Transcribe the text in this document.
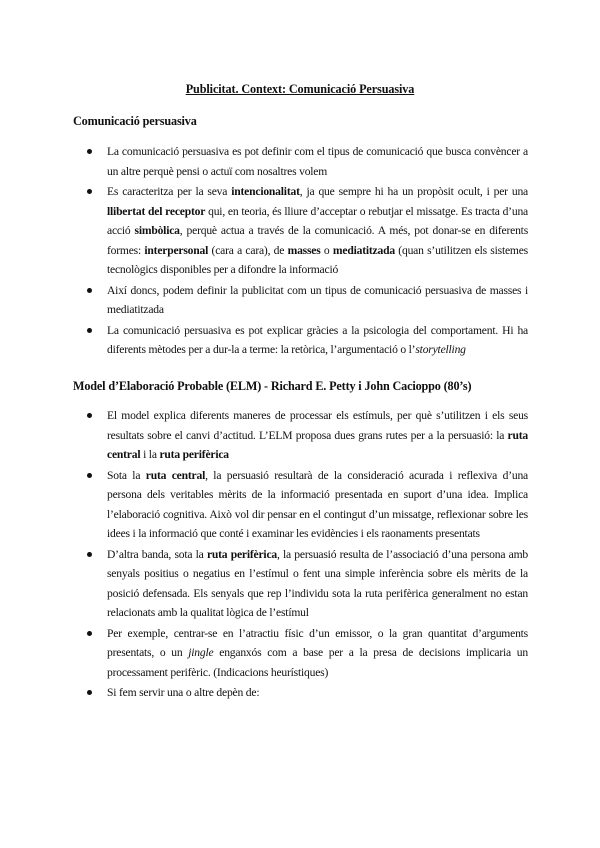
Publicitat. Context: Comunicació Persuasiva
Comunicació persuasiva
La comunicació persuasiva es pot definir com el tipus de comunicació que busca convèncer a un altre perquè pensi o actuï com nosaltres volem
Es caracteritza per la seva intencionalitat, ja que sempre hi ha un propòsit ocult, i per una llibertat del receptor qui, en teoria, és lliure d’acceptar o rebutjar el missatge. Es tracta d’una acció simbòlica, perquè actua a través de la comunicació. A més, pot donar-se en diferents formes: interpersonal (cara a cara), de masses o mediatitzada (quan s’utilitzen els sistemes tecnològics disponibles per a difondre la informació
Així doncs, podem definir la publicitat com un tipus de comunicació persuasiva de masses i mediatitzada
La comunicació persuasiva es pot explicar gràcies a la psicologia del comportament. Hi ha diferents mètodes per a dur-la a terme: la retòrica, l’argumentació o l’storytelling
Model d’Elaboració Probable (ELM) - Richard E. Petty i John Cacioppo (80’s)
El model explica diferents maneres de processar els estímuls, per què s’utilitzen i els seus resultats sobre el canvi d’actitud. L’ELM proposa dues grans rutes per a la persuasió: la ruta central i la ruta perifèrica
Sota la ruta central, la persuasió resultarà de la consideració acurada i reflexiva d’una persona dels veritables mèrits de la informació presentada en suport d’una idea. Implica l’elaboració cognitiva. Això vol dir pensar en el contingut d’un missatge, reflexionar sobre les idees i la informació que conté i examinar les evidències i els raonaments presentats
D’altra banda, sota la ruta perifèrica, la persuasió resulta de l’associació d’una persona amb senyals positius o negatius en l’estímul o fent una simple inferència sobre els mèrits de la posició defensada. Els senyals que rep l’individu sota la ruta perifèrica generalment no estan relacionats amb la qualitat lògica de l’estímul
Per exemple, centrar-se en l’atractiu físic d’un emissor, o la gran quantitat d’arguments presentats, o un jingle enganxós com a base per a la presa de decisions implicaria un processament perifèric. (Indicacions heurístiques)
Si fem servir una o altre depèn de:
